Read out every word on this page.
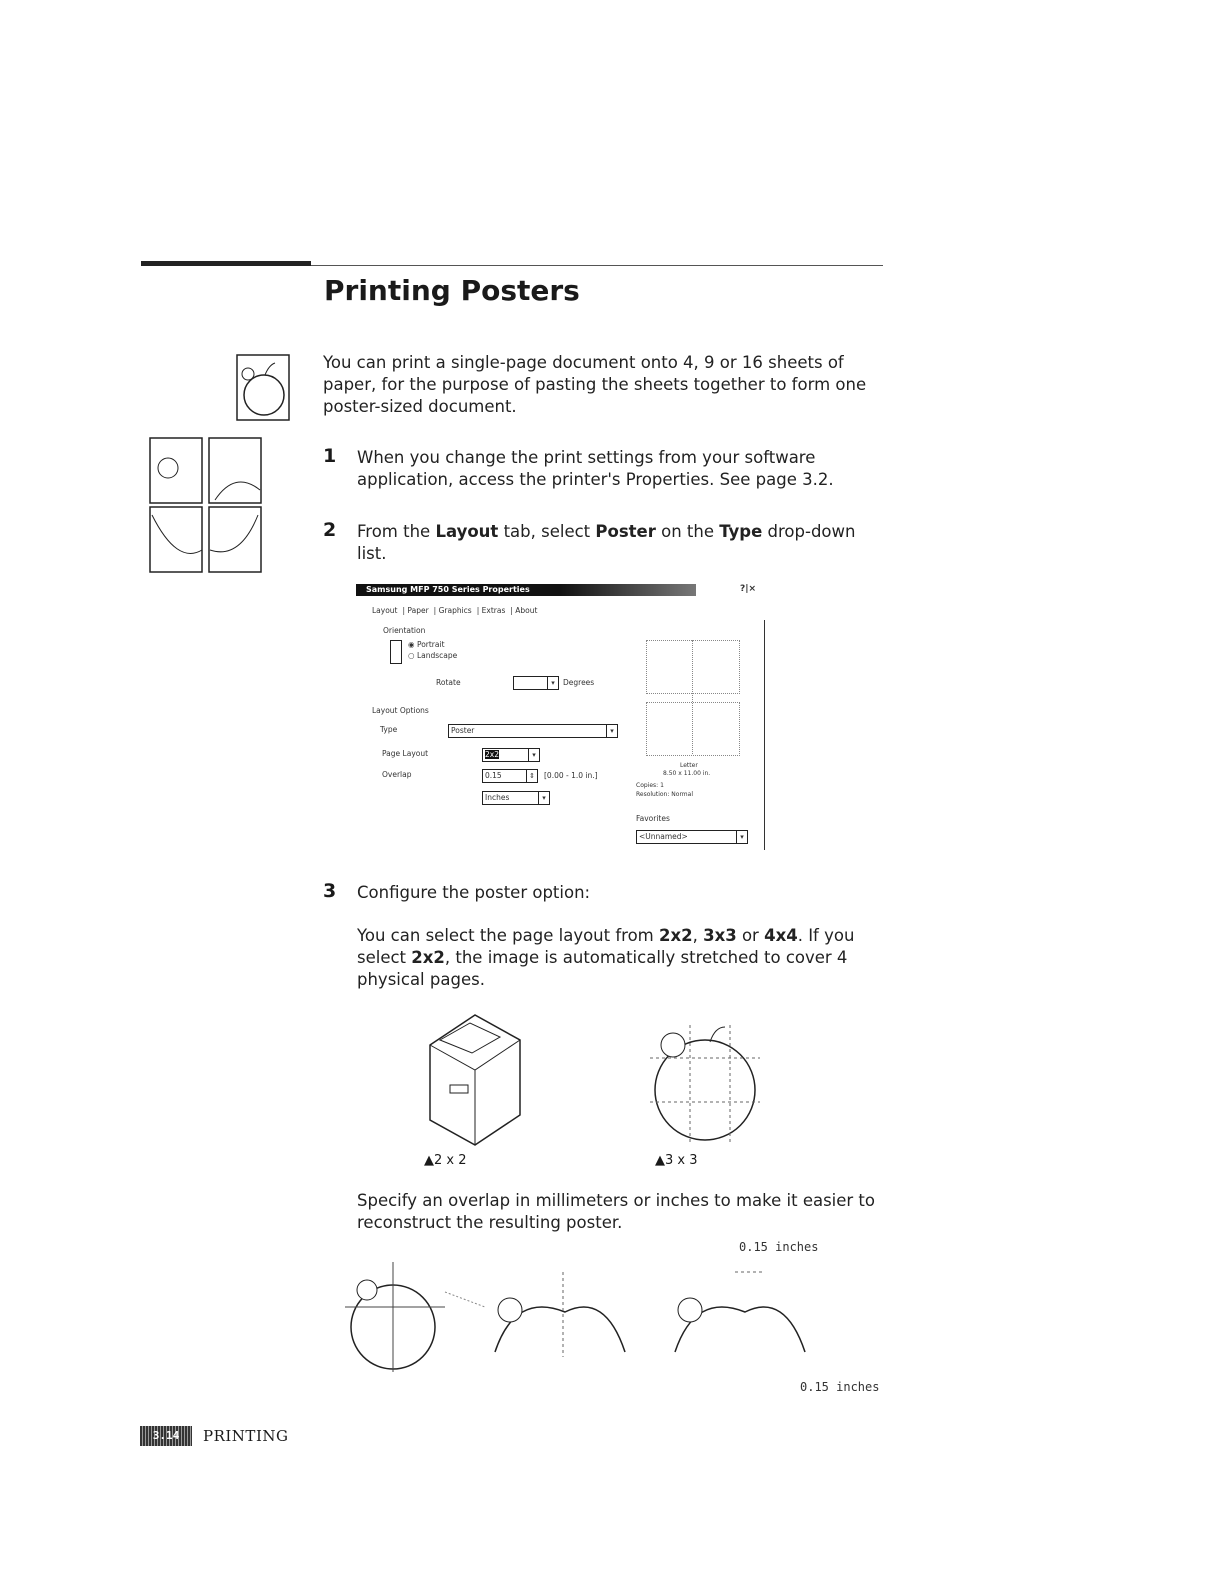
Printing Posters

You can print a single-page document onto 4, 9 or 16 sheets of paper, for the purpose of pasting the sheets together to form one poster-sized document.

1 When you change the print settings from your software application, access the printer's Properties. See page 3.2.

2 From the Layout tab, select Poster on the Type drop-down list.

Samsung MFP 750 Series Properties	?|×
Layout | Paper | Graphics | Extras | About
Orientation
◉ Portrait
○ Landscape
Rotate	▾	Degrees
Layout Options
Type	Poster	▾
Page Layout	2x2	▾
Overlap	0.15	⇕ [0.00 - 1.0 in.]
Inches	▾
Letter
8.50 x 11.00 in.
Copies: 1
Resolution: Normal
Favorites
<Unnamed>	▾
3 Configure the poster option:

You can select the page layout from 2x2, 3x3 or 4x4. If you select 2x2, the image is automatically stretched to cover 4 physical pages.

▲2 x 2	▲3 x 3

Specify an overlap in millimeters or inches to make it easier to reconstruct the resulting poster.

0.15 inches
0.15 inches
3.14	PRINTING
